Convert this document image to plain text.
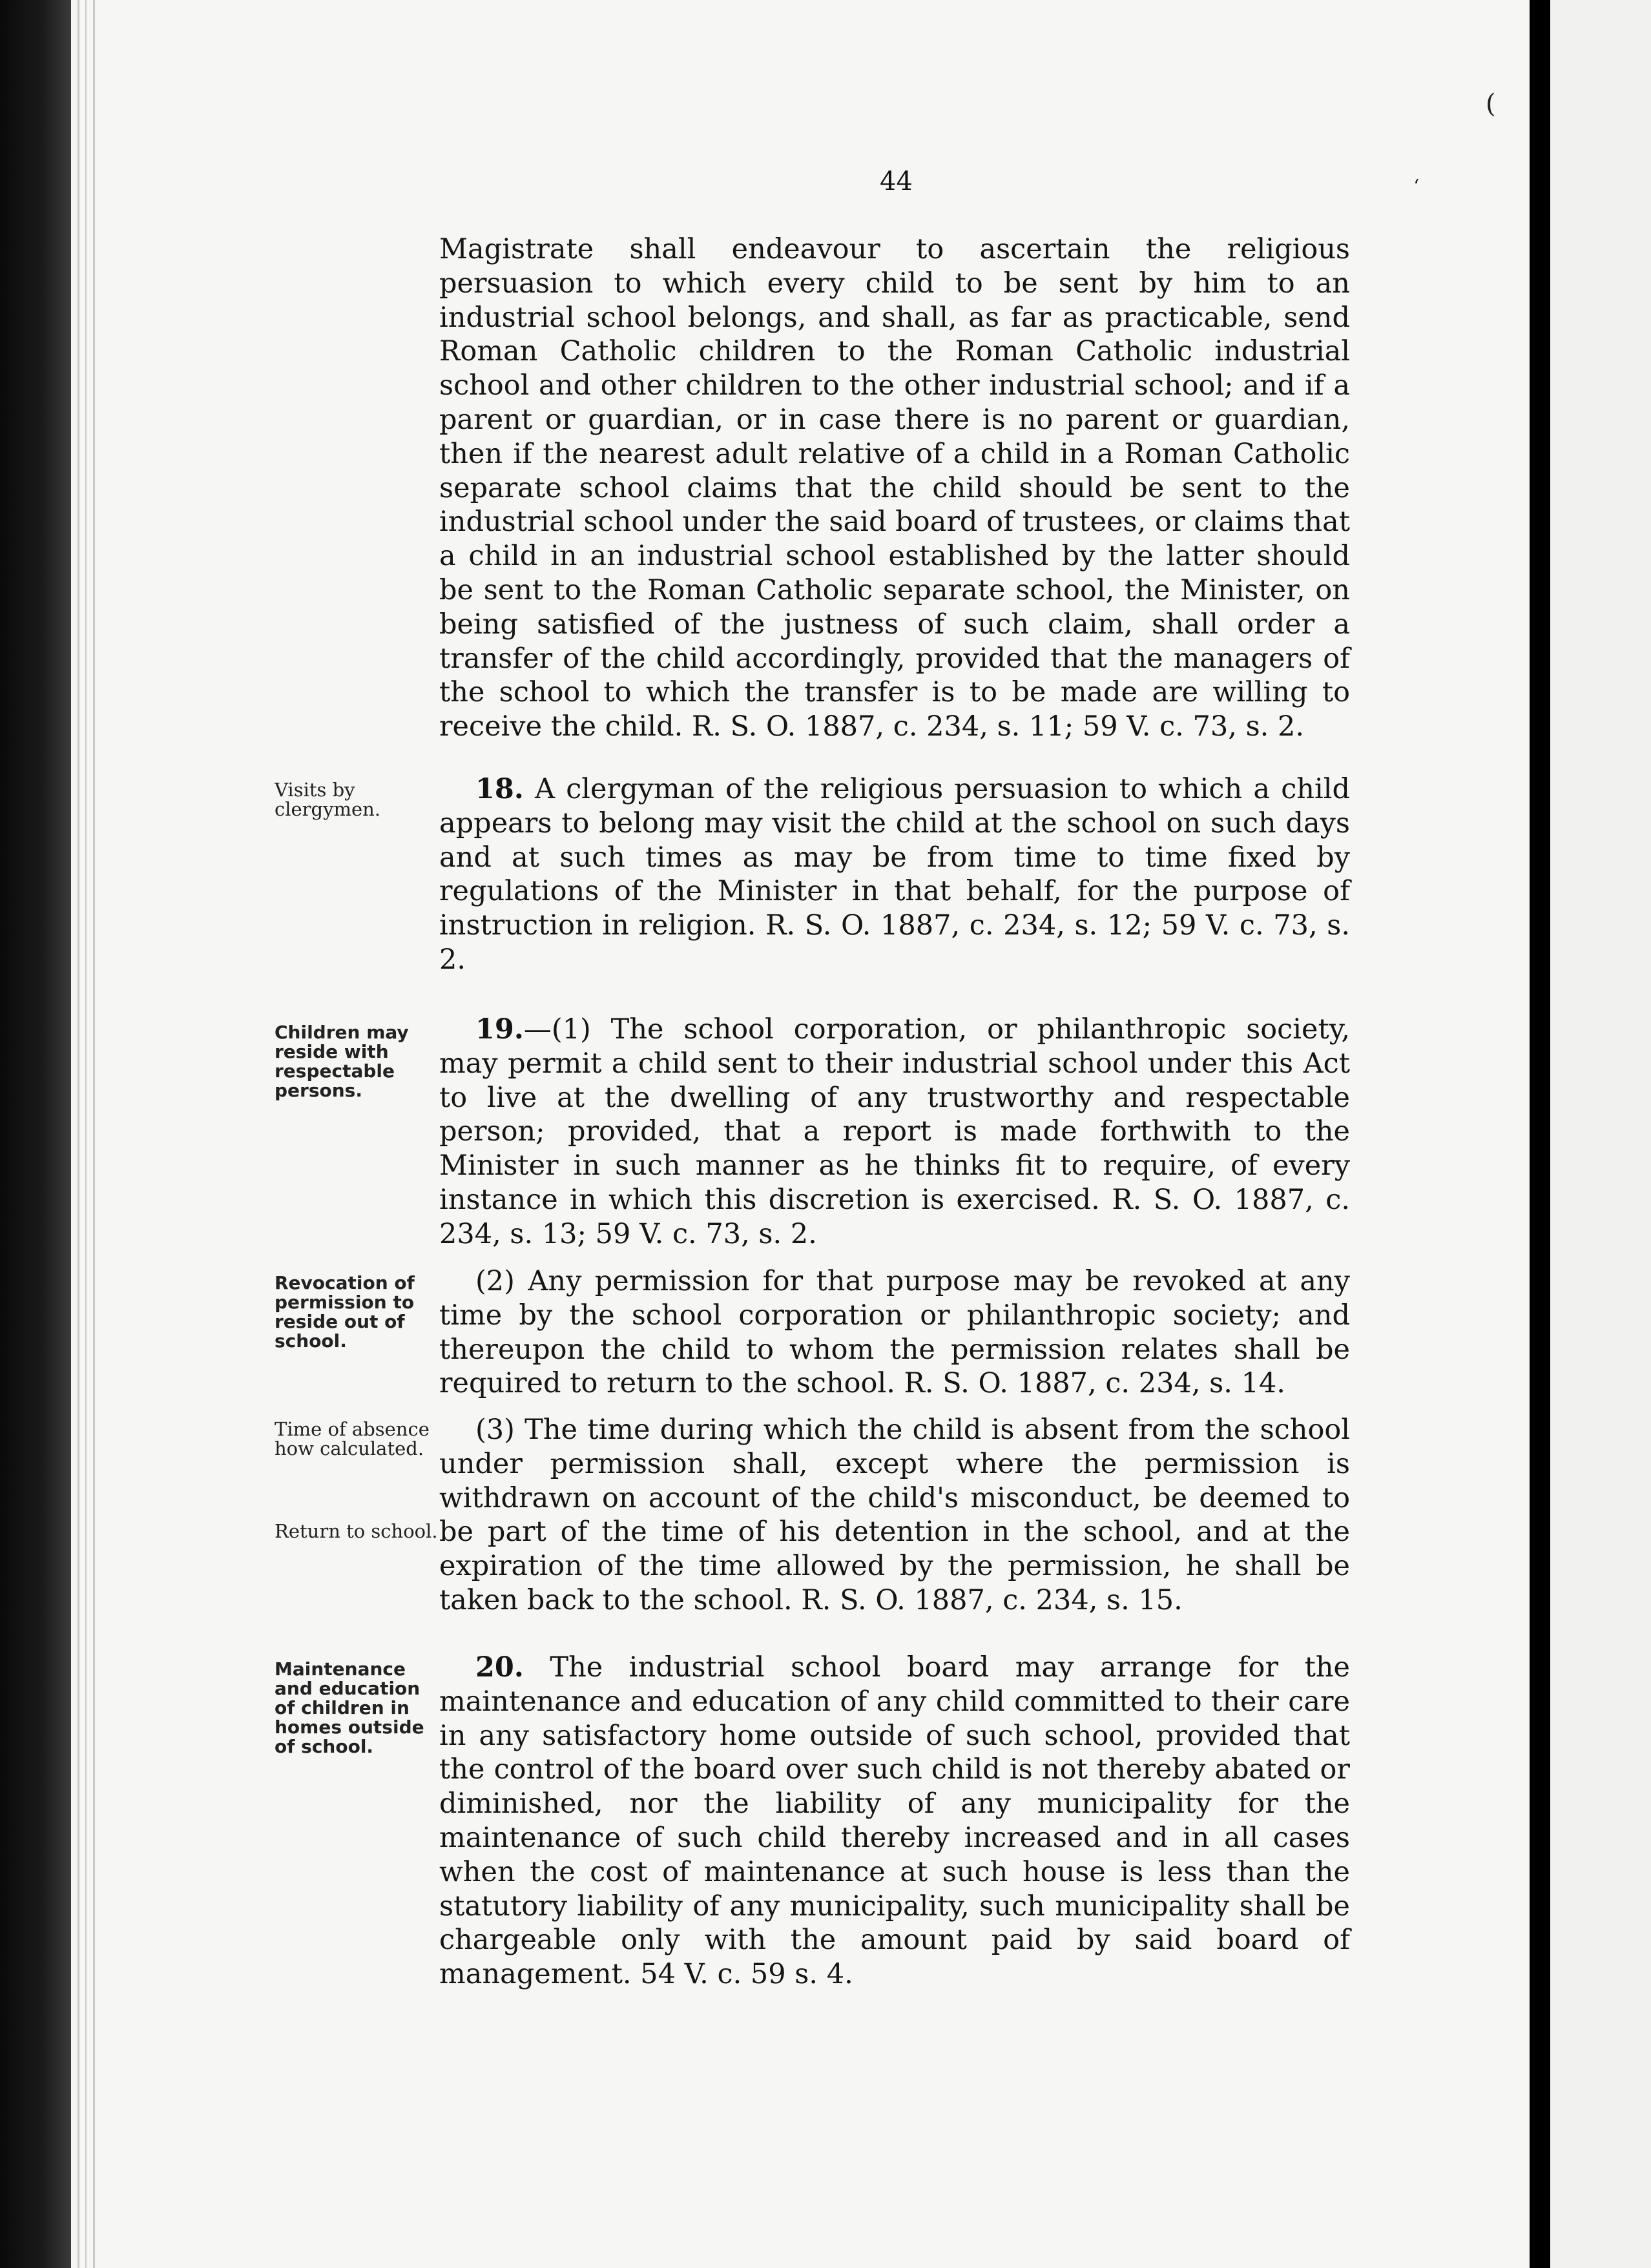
(
‘
44

Magistrate shall endeavour to ascertain the religious persuasion to which every child to be sent by him to an industrial school belongs, and shall, as far as practicable, send Roman Catholic children to the Roman Catholic industrial school and other children to the other industrial school; and if a parent or guardian, or in case there is no parent or guardian, then if the nearest adult relative of a child in a Roman Catholic separate school claims that the child should be sent to the industrial school under the said board of trustees, or claims that a child in an industrial school established by the latter should be sent to the Roman Catholic separate school, the Minister, on being satisfied of the justness of such claim, shall order a transfer of the child accordingly, provided that the managers of the school to which the transfer is to be made are willing to receive the child. R. S. O. 1887, c. 234, s. 11; 59 V. c. 73, s. 2.

Visits by clergymen.

18. A clergyman of the religious persuasion to which a child appears to belong may visit the child at the school on such days and at such times as may be from time to time fixed by regulations of the Minister in that behalf, for the purpose of instruction in religion. R. S. O. 1887, c. 234, s. 12; 59 V. c. 73, s. 2.

Children may reside with respectable persons.

19.—(1) The school corporation, or philanthropic society, may permit a child sent to their industrial school under this Act to live at the dwelling of any trustworthy and respectable person; provided, that a report is made forthwith to the Minister in such manner as he thinks fit to require, of every instance in which this discretion is exercised. R. S. O. 1887, c. 234, s. 13; 59 V. c. 73, s. 2.

Revocation of permission to reside out of school.

(2) Any permission for that purpose may be revoked at any time by the school corporation or philanthropic society; and thereupon the child to whom the permission relates shall be required to return to the school. R. S. O. 1887, c. 234, s. 14.

Time of absence how calculated.
Return to school.

(3) The time during which the child is absent from the school under permission shall, except where the permission is withdrawn on account of the child's misconduct, be deemed to be part of the time of his detention in the school, and at the expiration of the time allowed by the permission, he shall be taken back to the school. R. S. O. 1887, c. 234, s. 15.

Maintenance and education of children in homes outside of school.

20. The industrial school board may arrange for the maintenance and education of any child committed to their care in any satisfactory home outside of such school, provided that the control of the board over such child is not thereby abated or diminished, nor the liability of any municipality for the maintenance of such child thereby increased and in all cases when the cost of maintenance at such house is less than the statutory liability of any municipality, such municipality shall be chargeable only with the amount paid by said board of management. 54 V. c. 59 s. 4.
